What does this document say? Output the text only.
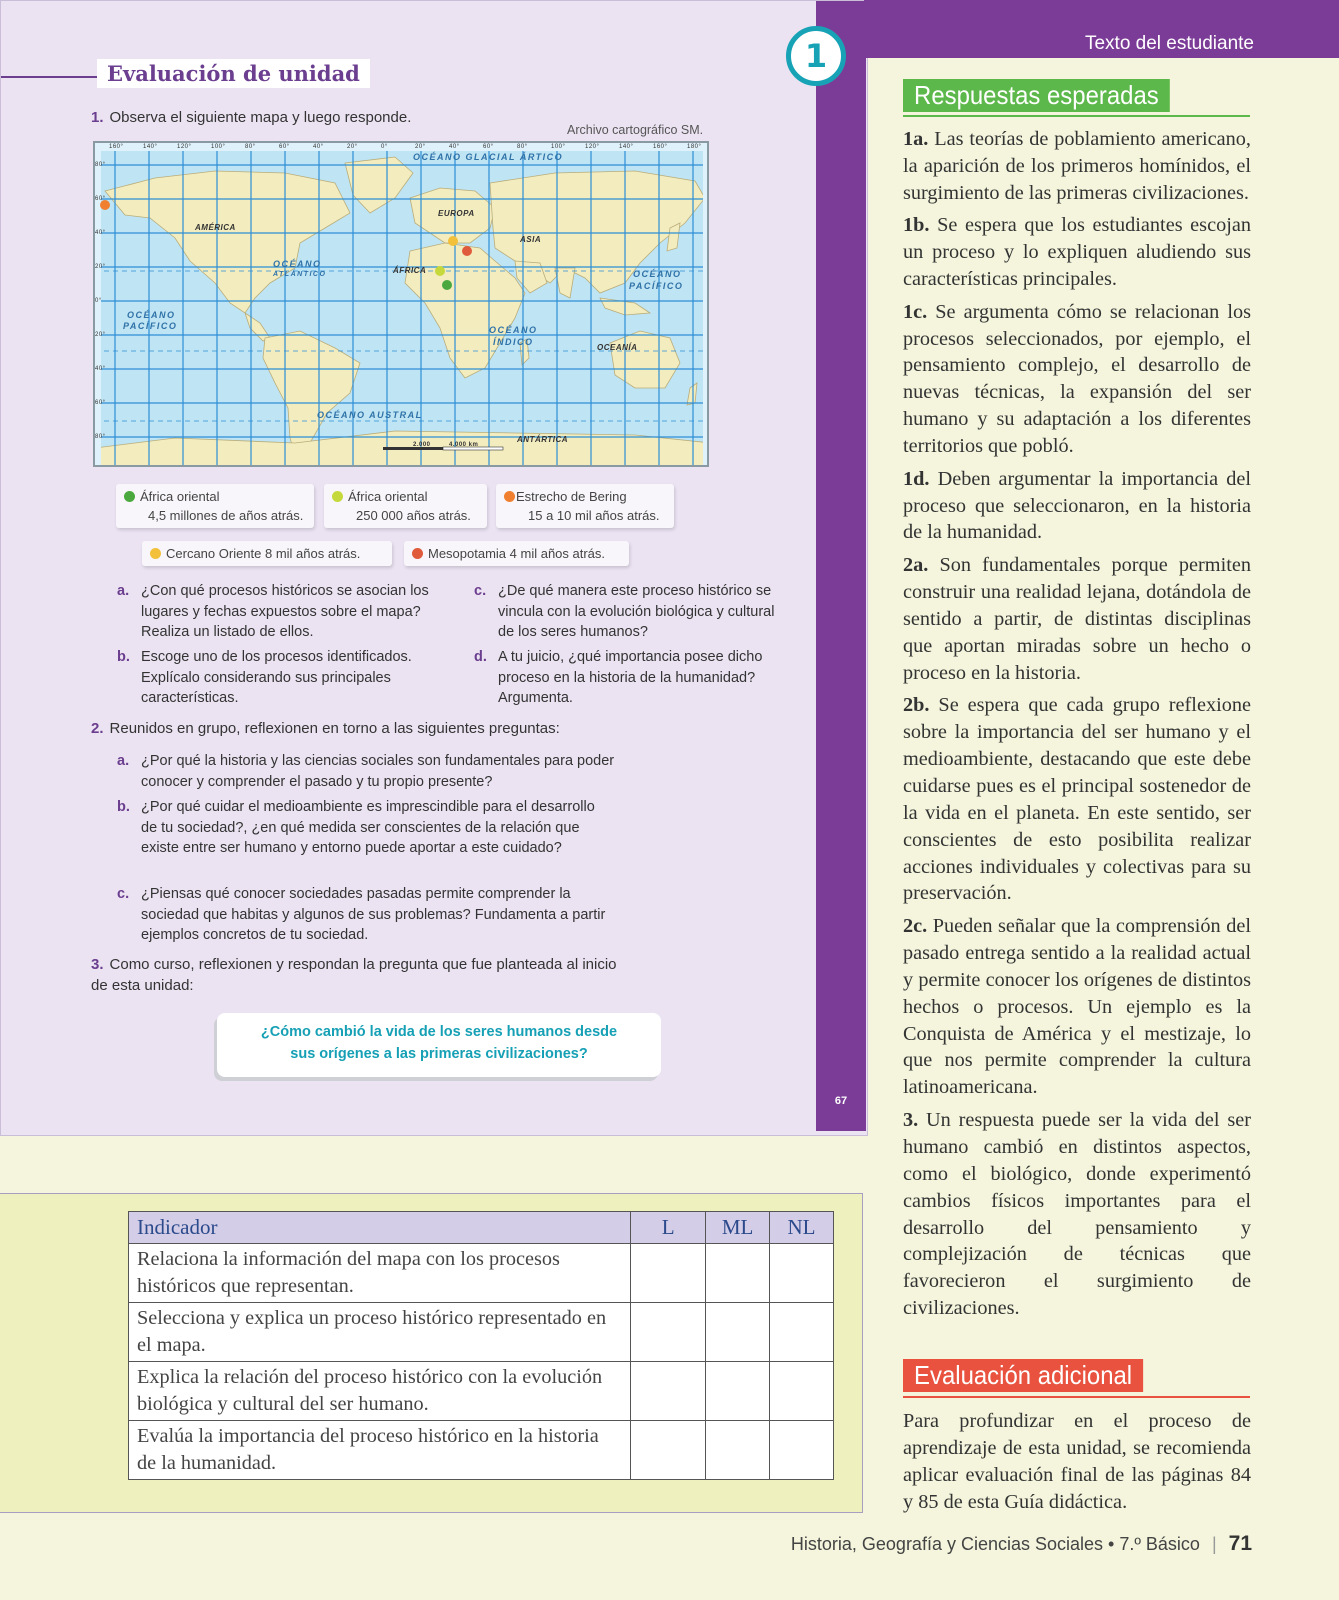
67
1
Evaluación de unidad
1. Observa el siguiente mapa y luego responde.
Archivo cartográfico SM.
OCÉANO GLACIAL ÁRTICO
AMÉRICA
EUROPA
ASIA
ÁFRICA
OCÉANO
ATLÁNTICO	OCÉANO
PACÍFICO
OCÉANO
PACÍFICO	OCÉANO
ÍNDICO
OCEANÍA
OCÉANO AUSTRAL
ANTÁRTICA
2.000	4.000 km
160°	140°	120°	100°	80°	60°	40°	20°	0°	20°	40°	60°	80°	100°	120°	140°	160°	180°
80°
60°
40°
20°
0°
20°
40°
60°
80°
África oriental
4,5 millones de años atrás.
África oriental
250 000 años atrás.
Estrecho de Bering
15 a 10 mil años atrás.
Cercano Oriente 8 mil años atrás.	Mesopotamia 4 mil años atrás.
a. ¿Con qué procesos históricos se asocian los lugares y fechas expuestos sobre el mapa? Realiza un listado de ellos.
b. Escoge uno de los procesos identificados. Explícalo considerando sus principales características.
c. ¿De qué manera este proceso histórico se vincula con la evolución biológica y cultural de los seres humanos?
d. A tu juicio, ¿qué importancia posee dicho proceso en la historia de la humanidad? Argumenta.
2. Reunidos en grupo, reflexionen en torno a las siguientes preguntas:
a. ¿Por qué la historia y las ciencias sociales son fundamentales para poder conocer y comprender el pasado y tu propio presente?
b. ¿Por qué cuidar el medioambiente es imprescindible para el desarrollo de tu sociedad?, ¿en qué medida ser conscientes de la relación que existe entre ser humano y entorno puede aportar a este cuidado?
c. ¿Piensas qué conocer sociedades pasadas permite comprender la sociedad que habitas y algunos de sus problemas? Fundamenta a partir ejemplos concretos de tu sociedad.
3. Como curso, reflexionen y respondan la pregunta que fue planteada al inicio de esta unidad:
¿Cómo cambió la vida de los seres humanos desde
sus orígenes a las primeras civilizaciones?
Texto del estudiante
Respuestas esperadas

1a. Las teorías de poblamiento americano, la aparición de los primeros homínidos, el surgimiento de las primeras civilizaciones.

1b. Se espera que los estudiantes escojan un proceso y lo expliquen aludiendo sus características principales.

1c. Se argumenta cómo se relacionan los procesos seleccionados, por ejemplo, el pensamiento complejo, el desarrollo de nuevas técnicas, la expansión del ser humano y su adaptación a los diferentes territorios que pobló.

1d. Deben argumentar la importancia del proceso que seleccionaron, en la historia de la humanidad.

2a. Son fundamentales porque permiten construir una realidad lejana, dotándola de sentido a partir, de distintas disciplinas que aportan miradas sobre un hecho o proceso en la historia.

2b. Se espera que cada grupo reflexione sobre la importancia del ser humano y el medioambiente, destacando que este debe cuidarse pues es el principal sostenedor de la vida en el planeta. En este sentido, ser conscientes de esto posibilita realizar acciones individuales y colectivas para su preservación.

2c. Pueden señalar que la comprensión del pasado entrega sentido a la realidad actual y permite conocer los orígenes de distintos hechos o procesos. Un ejemplo es la Conquista de América y el mestizaje, lo que nos permite comprender la cultura latinoamericana.

3. Un respuesta puede ser la vida del ser humano cambió en distintos aspectos, como el biológico, donde experimentó cambios físicos importantes para el desarrollo del pensamiento y complejización de técnicas que favorecieron el surgimiento de civilizaciones.

Evaluación adicional
Para profundizar en el proceso de aprendizaje de esta unidad, se recomienda aplicar evaluación final de las páginas 84 y 85 de esta Guía didáctica.
Indicador	L	ML	NL
Relaciona la información del mapa con los procesos históricos que representan.			
Selecciona y explica un proceso histórico representado en el mapa.			
Explica la relación del proceso histórico con la evolución biológica y cultural del ser humano.			
Evalúa la importancia del proceso histórico en la historia de la humanidad.			
Historia, Geografía y Ciencias Sociales • 7.º Básico | 71
